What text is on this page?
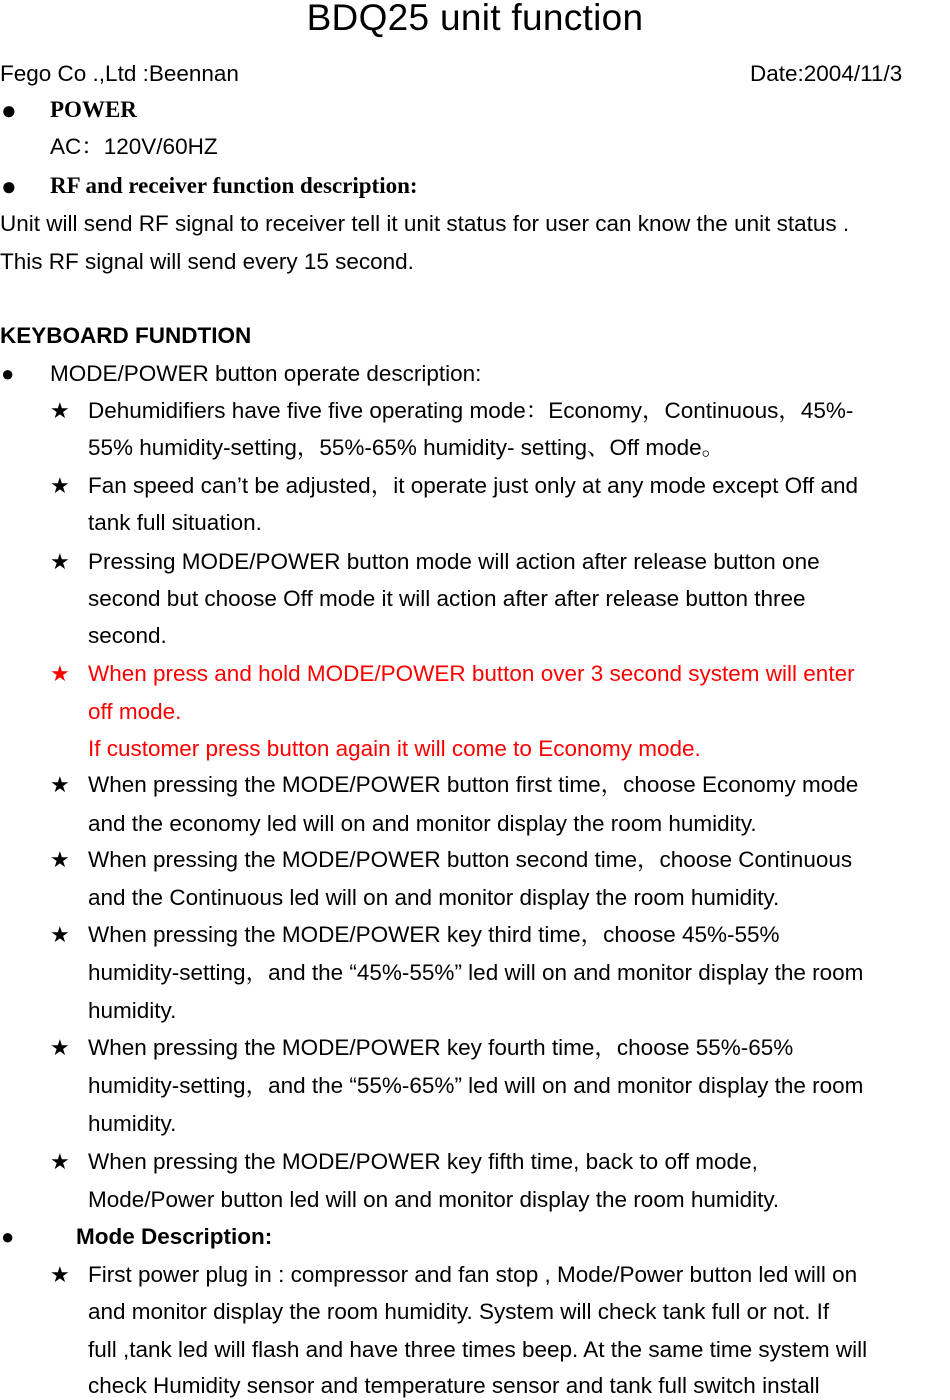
BDQ25 unit function
Fego Co .,Ltd :Beennan	Date:2004/11/3
● POWER
AC：120V/60HZ
● RF and receiver function description:
Unit will send RF signal to receiver tell it unit status for user can know the unit status .
This RF signal will send every 15 second.
KEYBOARD FUNDTION
● MODE/POWER button operate description:
★ Dehumidifiers have five five operating mode：Economy，Continuous，45%-
55% humidity-setting，55%-65% humidity- setting、Off mode。
★ Fan speed can’t be adjusted，it operate just only at any mode except Off and
tank full situation.
★ Pressing MODE/POWER button mode will action after release button one
second but choose Off mode it will action after after release button three
second.
★ When press and hold MODE/POWER button over 3 second system will enter
off mode.
If customer press button again it will come to Economy mode.
★ When pressing the MODE/POWER button first time，choose Economy mode
and the economy led will on and monitor display the room humidity.
★ When pressing the MODE/POWER button second time，choose Continuous
and the Continuous led will on and monitor display the room humidity.
★ When pressing the MODE/POWER key third time，choose 45%-55%
humidity-setting，and the “45%-55%” led will on and monitor display the room
humidity.
★ When pressing the MODE/POWER key fourth time，choose 55%-65%
humidity-setting，and the “55%-65%” led will on and monitor display the room
humidity.
★ When pressing the MODE/POWER key fifth time, back to off mode,
Mode/Power button led will on and monitor display the room humidity.
●	Mode Description:
★ First power plug in : compressor and fan stop , Mode/Power button led will on
and monitor display the room humidity. System will check tank full or not. If
full ,tank led will flash and have three times beep. At the same time system will
check Humidity sensor and temperature sensor and tank full switch install
